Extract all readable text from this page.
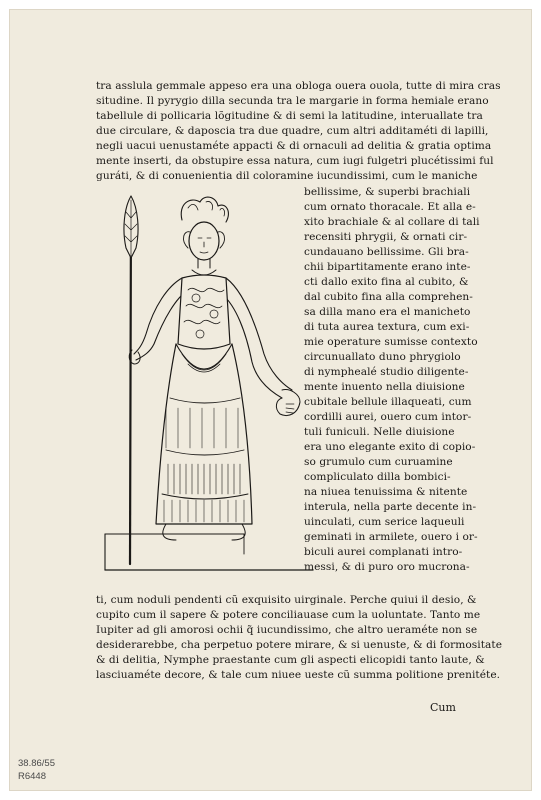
tra asslula gemmale appeso era una obloga ouera ouola, tutte di mira cras
situdine. Il pyrygio dilla secunda tra le margarie in forma hemiale erano
tabellule di pollicaria lõgitudine & di semi la latitudine, interuallate tra
due circulare, & daposcia tra due quadre, cum altri additaméti di lapilli,
negli uacui uenustaméte appacti & di ornaculi ad delitia & gratia optima
mente inserti, da obstupire essa natura, cum iugi fulgetri plucétissimi ful
guráti, & di conuenientia dil coloramine iucundissimi, cum le maniche
bellissime, & superbi brachiali
cum ornato thoracale. Et alla e-
xito brachiale & al collare di tali
recensiti phrygii, & ornati cir-
cundauano bellissime. Gli bra-
chii bipartitamente erano inte-
cti dallo exito fina al cubito, &
dal cubito fina alla comprehen-
sa dilla mano era el manicheto
di tuta aurea textura, cum exi-
mie operature sumisse contexto
circunuallato duno phrygiolo
di nymphealé studio diligente-
mente inuento nella diuisione
cubitale bellule illaqueati, cum
cordilli aurei, ouero cum intor-
tuli funiculi. Nelle diuisione
era uno elegante exito di copio-
so grumulo cum curuamine
compliculato dilla bombici-
na niuea tenuissima & nitente
interula, nella parte decente in-
uinculati, cum serice laqueuli
geminati in armilete, ouero i or-
biculi aurei complanati intro-
messi, & di puro oro mucrona-
ti, cum noduli pendenti cũ exquisito uirginale. Perche quiui il desio, &
cupito cum il sapere & potere conciliauase cum la uoluntate. Tanto me
Iupiter ad gli amorosi ochii q̃ iucundissimo, che altro ueraméte non se
desiderarebbe, cha perpetuo potere mirare, & si uenuste, & di formositate
& di delitia, Nymphe praestante cum gli aspecti elicopidi tanto laute, &
lasciuaméte decore, & tale cum niuee ueste cũ summa politione prenitéte.
Cum
38.86/55
R6448
